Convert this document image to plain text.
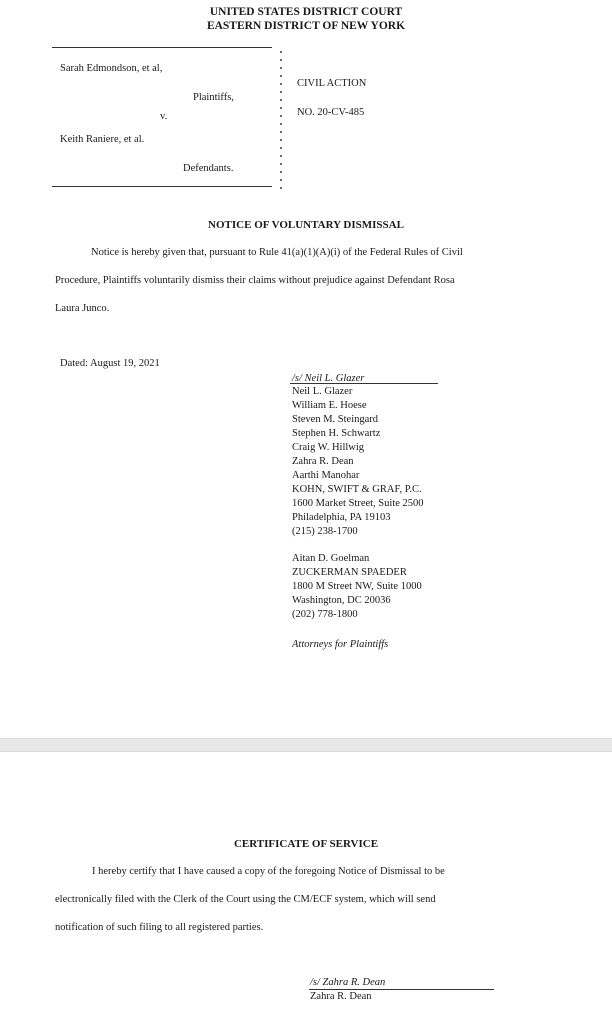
UNITED STATES DISTRICT COURT
EASTERN DISTRICT OF NEW YORK
Sarah Edmondson, et al,
Plaintiffs,
v.
Keith Raniere, et al.
Defendants.
CIVIL ACTION
NO. 20-CV-485
NOTICE OF VOLUNTARY DISMISSAL
Notice is hereby given that, pursuant to Rule 41(a)(1)(A)(i) of the Federal Rules of Civil
Procedure, Plaintiffs voluntarily dismiss their claims without prejudice against Defendant Rosa
Laura Junco.
Dated: August 19, 2021
/s/ Neil L. Glazer
Neil L. Glazer
William E. Hoese
Steven M. Steingard
Stephen H. Schwartz
Craig W. Hillwig
Zahra R. Dean
Aarthi Manohar
KOHN, SWIFT & GRAF, P.C.
1600 Market Street, Suite 2500
Philadelphia, PA 19103
(215) 238-1700
Aitan D. Goelman
ZUCKERMAN SPAEDER
1800 M Street NW, Suite 1000
Washington, DC 20036
(202) 778-1800
Attorneys for Plaintiffs
CERTIFICATE OF SERVICE
I hereby certify that I have caused a copy of the foregoing Notice of Dismissal to be
electronically filed with the Clerk of the Court using the CM/ECF system, which will send
notification of such filing to all registered parties.
/s/ Zahra R. Dean
Zahra R. Dean
